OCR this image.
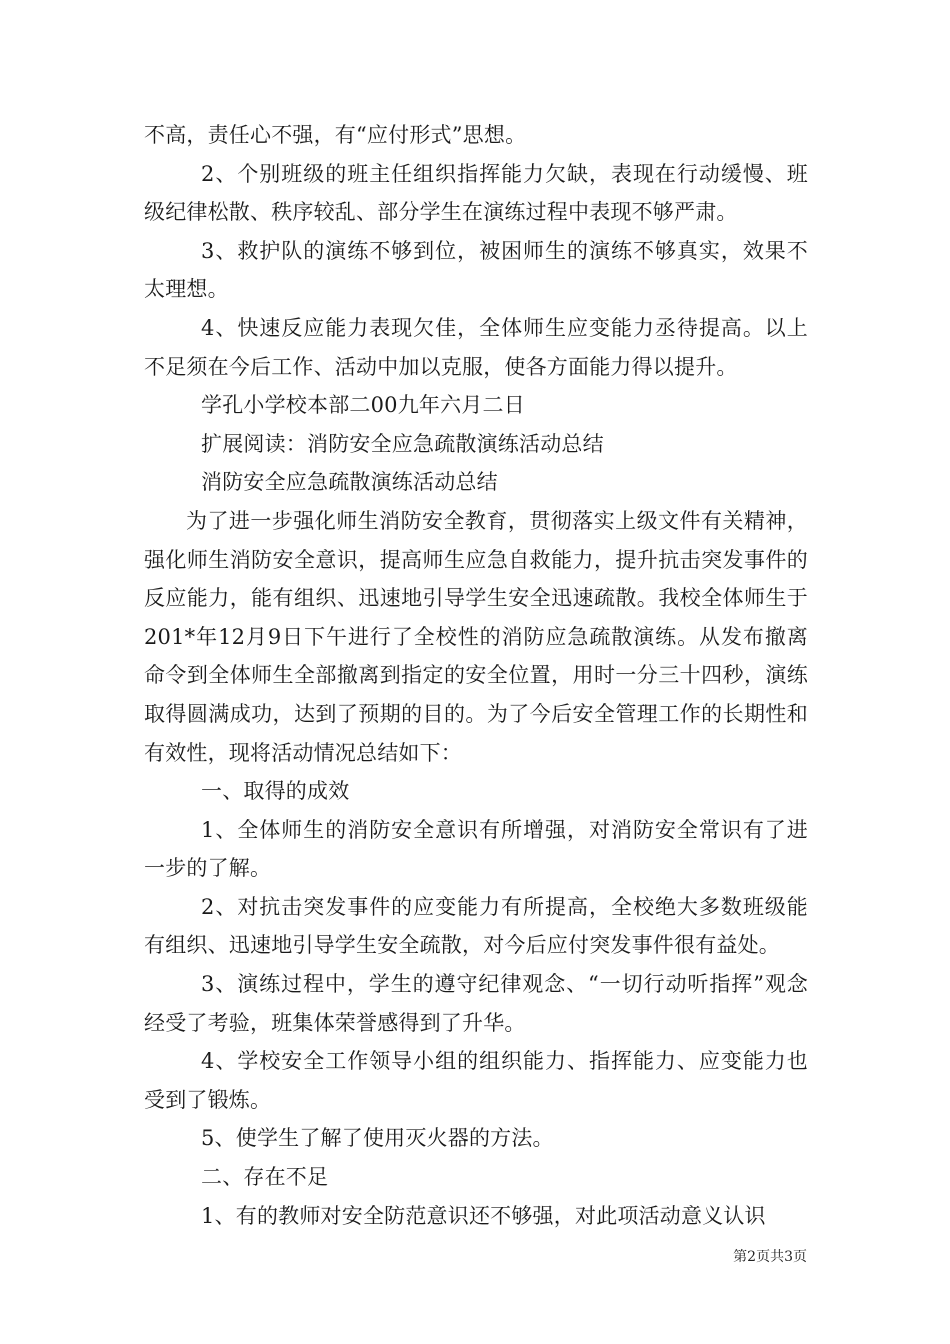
不高，责任心不强，有“应付形式”思想。

2、个别班级的班主任组织指挥能力欠缺，表现在行动缓慢、班级纪律松散、秩序较乱、部分学生在演练过程中表现不够严肃。

3、救护队的演练不够到位，被困师生的演练不够真实，效果不太理想。

4、快速反应能力表现欠佳，全体师生应变能力丞待提高。以上不足须在今后工作、活动中加以克服，使各方面能力得以提升。

学孔小学校本部二00九年六月二日

扩展阅读：消防安全应急疏散演练活动总结

消防安全应急疏散演练活动总结

为了进一步强化师生消防安全教育，贯彻落实上级文件有关精神，强化师生消防安全意识，提高师生应急自救能力，提升抗击突发事件的反应能力，能有组织、迅速地引导学生安全迅速疏散。我校全体师生于201*年12月9日下午进行了全校性的消防应急疏散演练。从发布撤离命令到全体师生全部撤离到指定的安全位置，用时一分三十四秒，演练取得圆满成功，达到了预期的目的。为了今后安全管理工作的长期性和有效性，现将活动情况总结如下：

一、取得的成效

1、全体师生的消防安全意识有所增强，对消防安全常识有了进一步的了解。

2、对抗击突发事件的应变能力有所提高，全校绝大多数班级能有组织、迅速地引导学生安全疏散，对今后应付突发事件很有益处。

3、演练过程中，学生的遵守纪律观念、“一切行动听指挥”观念经受了考验，班集体荣誉感得到了升华。

4、学校安全工作领导小组的组织能力、指挥能力、应变能力也受到了锻炼。

5、使学生了解了使用灭火器的方法。

二、存在不足

1、有的教师对安全防范意识还不够强，对此项活动意义认识

第2页共3页
